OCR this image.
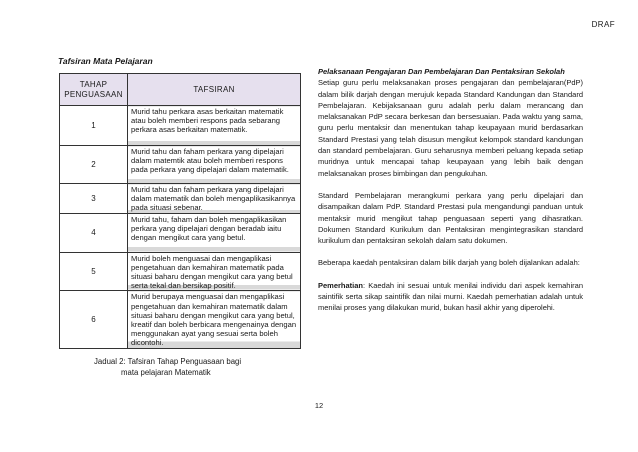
DRAF
Tafsiran Mata Pelajaran
TAHAP PENGUASAAN	TAFSIRAN
1	Murid tahu perkara asas berkaitan matematik atau boleh memberi respons pada sebarang perkara asas berkaitan matematik.
2	Murid tahu dan faham perkara yang dipelajari dalam matemtik atau boleh memberi respons pada perkara yang dipelajari dalam matematik.
3	Murid tahu dan faham perkara yang dipelajari dalam matematik dan boleh mengaplikasikannya pada situasi sebenar.
4	Murid tahu, faham dan boleh mengaplikasikan perkara yang dipelajari dengan beradab iaitu dengan mengikut cara yang betul.
5	Murid boleh menguasai dan mengaplikasi pengetahuan dan kemahiran matematik pada situasi baharu dengan mengikut cara yang betul serta tekal dan bersikap positif.
6	Murid berupaya menguasai dan mengaplikasi pengetahuan dan kemahiran matematik dalam situasi baharu dengan mengikut cara yang betul, kreatif dan boleh berbicara mengenainya dengan menggunakan ayat yang sesuai serta boleh dicontohi.
Jadual 2: Tafsiran Tahap Penguasaan bagi
mata pelajaran Matematik
Pelaksanaan Pengajaran Dan Pembelajaran Dan Pentaksiran Sekolah

Setiap guru perlu melaksanakan proses pengajaran dan pembelajaran(PdP) dalam bilik darjah dengan merujuk kepada Standard Kandungan dan Standard Pembelajaran. Kebijaksanaan guru adalah perlu dalam merancang dan melaksanakan PdP secara berkesan dan bersesuaian. Pada waktu yang sama, guru perlu mentaksir dan menentukan tahap keupayaan murid berdasarkan Standard Prestasi yang telah disusun mengikut kelompok standard kandungan dan standard pembelajaran. Guru seharusnya memberi peluang kepada setiap muridnya untuk mencapai tahap keupayaan yang lebih baik dengan melaksanakan proses bimbingan dan pengukuhan.

Standard Pembelajaran merangkumi perkara yang perlu dipelajari dan disampaikan dalam PdP. Standard Prestasi pula mengandungi panduan untuk mentaksir murid mengikut tahap penguasaan seperti yang dihasratkan. Dokumen Standard Kurikulum dan Pentaksiran mengintegrasikan standard kurikulum dan pentaksiran sekolah dalam satu dokumen.

Beberapa kaedah pentaksiran dalam bilik darjah yang boleh dijalankan adalah:

Pemerhatian: Kaedah ini sesuai untuk menilai individu dari aspek kemahiran saintifik serta sikap saintifik dan nilai murni. Kaedah pemerhatian adalah untuk menilai proses yang dilakukan murid, bukan hasil akhir yang diperolehi.

12
